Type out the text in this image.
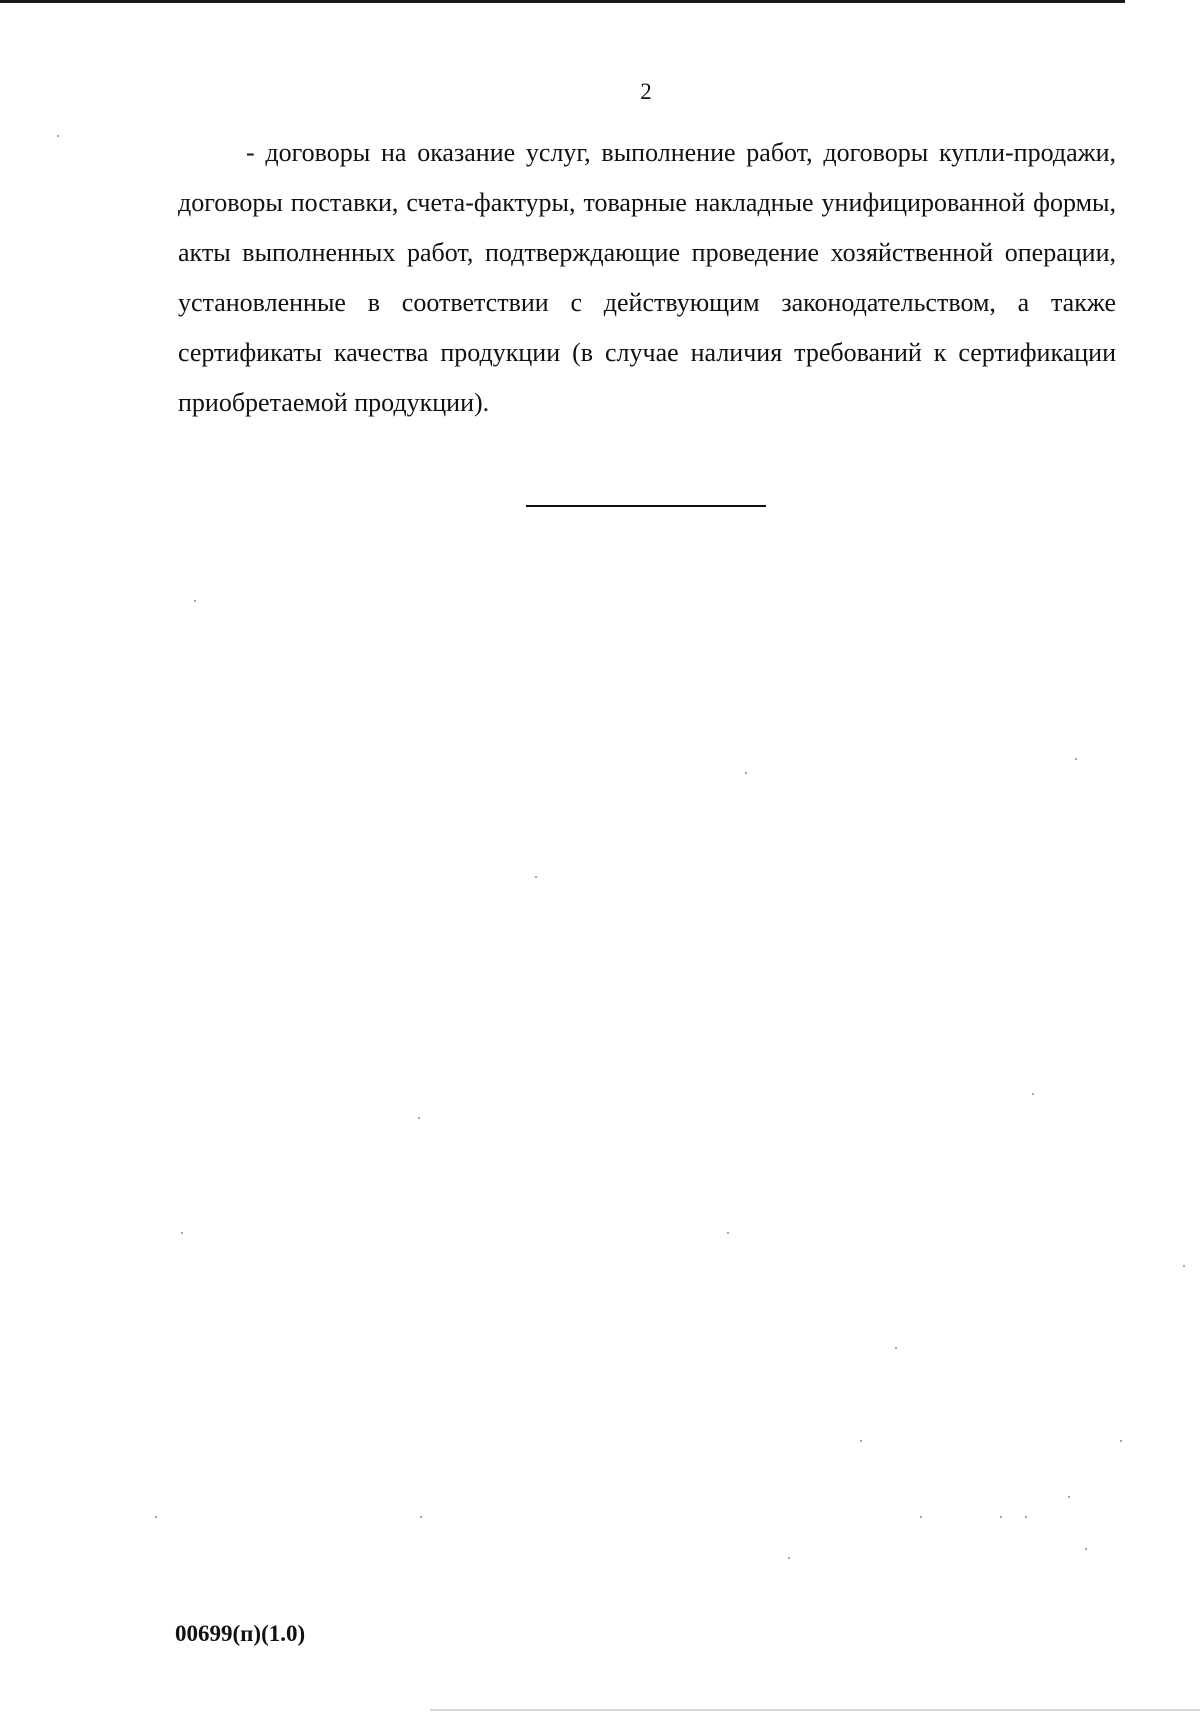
2

- договоры на оказание услуг, выполнение работ, договоры купли-продажи, договоры поставки, счета-фактуры, товарные накладные унифицированной формы, акты выполненных работ, подтверждающие проведение хозяйственной операции, установленные в соответствии с действующим законодательством, а также сертификаты качества продукции (в случае наличия требований к сертификации приобретаемой продукции).

00699(п)(1.0)
